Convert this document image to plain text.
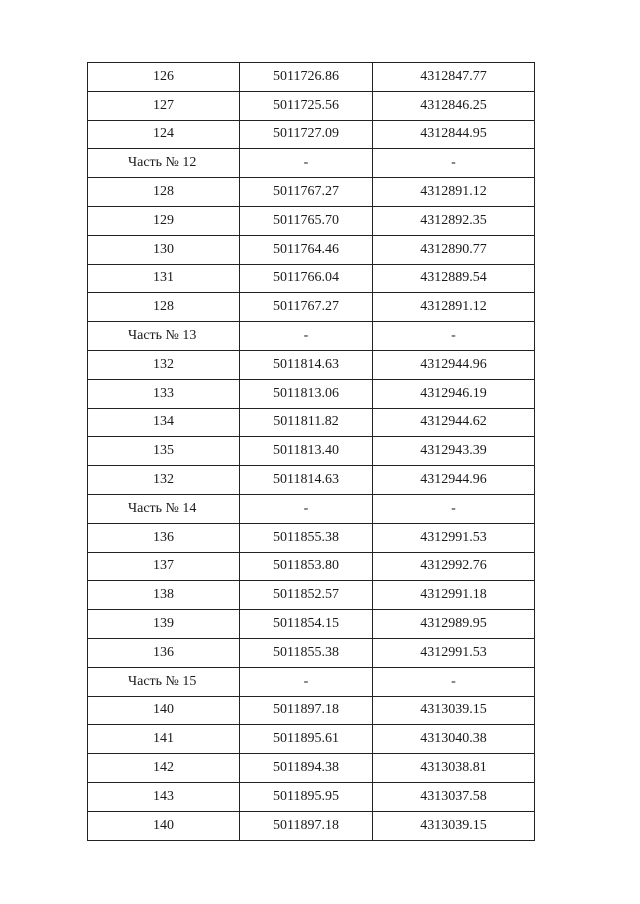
126	5011726.86	4312847.77
127	5011725.56	4312846.25
124	5011727.09	4312844.95
Часть № 12	-	-
128	5011767.27	4312891.12
129	5011765.70	4312892.35
130	5011764.46	4312890.77
131	5011766.04	4312889.54
128	5011767.27	4312891.12
Часть № 13	-	-
132	5011814.63	4312944.96
133	5011813.06	4312946.19
134	5011811.82	4312944.62
135	5011813.40	4312943.39
132	5011814.63	4312944.96
Часть № 14	-	-
136	5011855.38	4312991.53
137	5011853.80	4312992.76
138	5011852.57	4312991.18
139	5011854.15	4312989.95
136	5011855.38	4312991.53
Часть № 15	-	-
140	5011897.18	4313039.15
141	5011895.61	4313040.38
142	5011894.38	4313038.81
143	5011895.95	4313037.58
140	5011897.18	4313039.15
